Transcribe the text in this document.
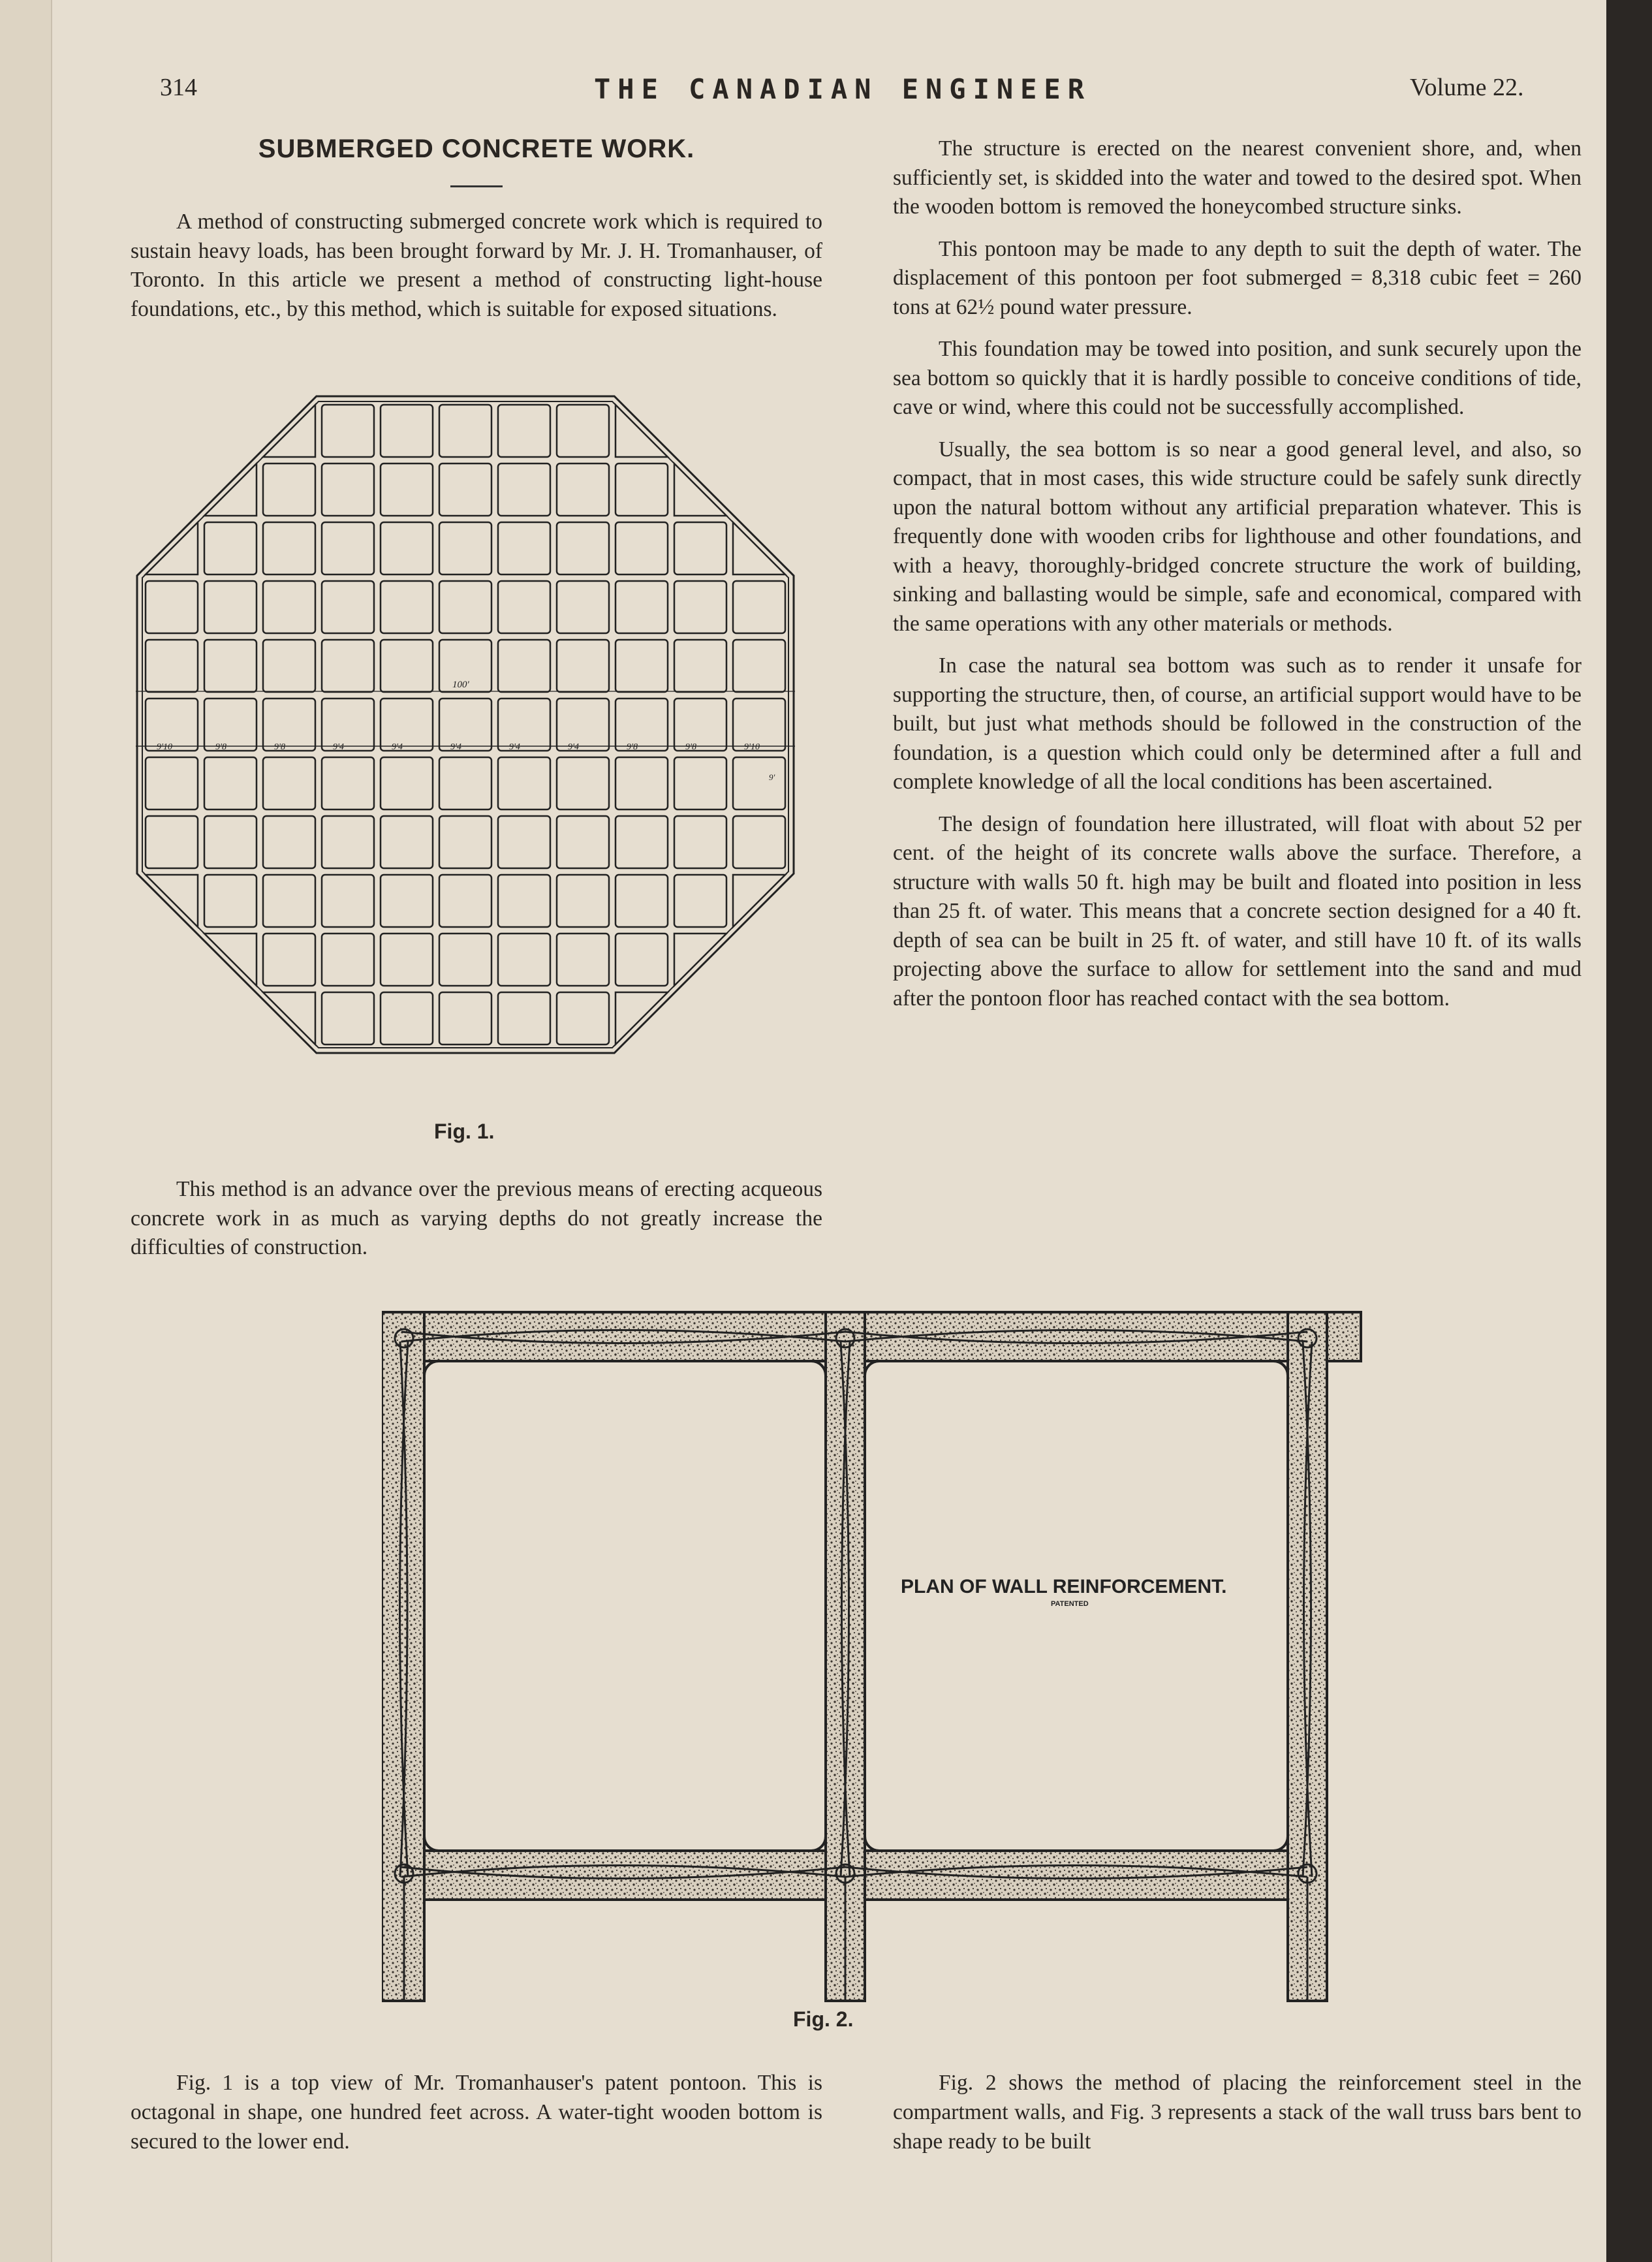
314	THE CANADIAN ENGINEER	Volume 22.
SUBMERGED CONCRETE WORK.

A method of constructing submerged concrete work which is required to sustain heavy loads, has been brought forward by Mr. J. H. Tromanhauser, of Toronto. In this article we present a method of constructing light-house foundations, etc., by this method, which is suitable for exposed situations.

100'
9'10	9'8	9'8	9'4	9'4	9'4	9'4	9'4	9'8	9'8	9'10
9'
Fig. 1.

This method is an advance over the previous means of erecting acqueous concrete work in as much as varying depths do not greatly increase the difficulties of construction.

The structure is erected on the nearest convenient shore, and, when sufficiently set, is skidded into the water and towed to the desired spot. When the wooden bottom is removed the honeycombed structure sinks.

This pontoon may be made to any depth to suit the depth of water. The displacement of this pontoon per foot submerged = 8,318 cubic feet = 260 tons at 62½ pound water pressure.

This foundation may be towed into position, and sunk securely upon the sea bottom so quickly that it is hardly possible to conceive conditions of tide, cave or wind, where this could not be successfully accomplished.

Usually, the sea bottom is so near a good general level, and also, so compact, that in most cases, this wide structure could be safely sunk directly upon the natural bottom without any artificial preparation whatever. This is frequently done with wooden cribs for lighthouse and other foundations, and with a heavy, thoroughly-bridged concrete structure the work of building, sinking and ballasting would be simple, safe and economical, compared with the same operations with any other materials or methods.

In case the natural sea bottom was such as to render it unsafe for supporting the structure, then, of course, an artificial support would have to be built, but just what methods should be followed in the construction of the foundation, is a question which could only be determined after a full and complete knowledge of all the local conditions has been ascertained.

The design of foundation here illustrated, will float with about 52 per cent. of the height of its concrete walls above the surface. Therefore, a structure with walls 50 ft. high may be built and floated into position in less than 25 ft. of water. This means that a concrete section designed for a 40 ft. depth of sea can be built in 25 ft. of water, and still have 10 ft. of its walls projecting above the surface to allow for settlement into the sand and mud after the pontoon floor has reached contact with the sea bottom.

PLAN OF WALL REINFORCEMENT.
PATENTED
Fig. 2.

Fig. 1 is a top view of Mr. Tromanhauser's patent pontoon. This is octagonal in shape, one hundred feet across. A water-tight wooden bottom is secured to the lower end.

Fig. 2 shows the method of placing the reinforcement steel in the compartment walls, and Fig. 3 represents a stack of the wall truss bars bent to shape ready to be built
